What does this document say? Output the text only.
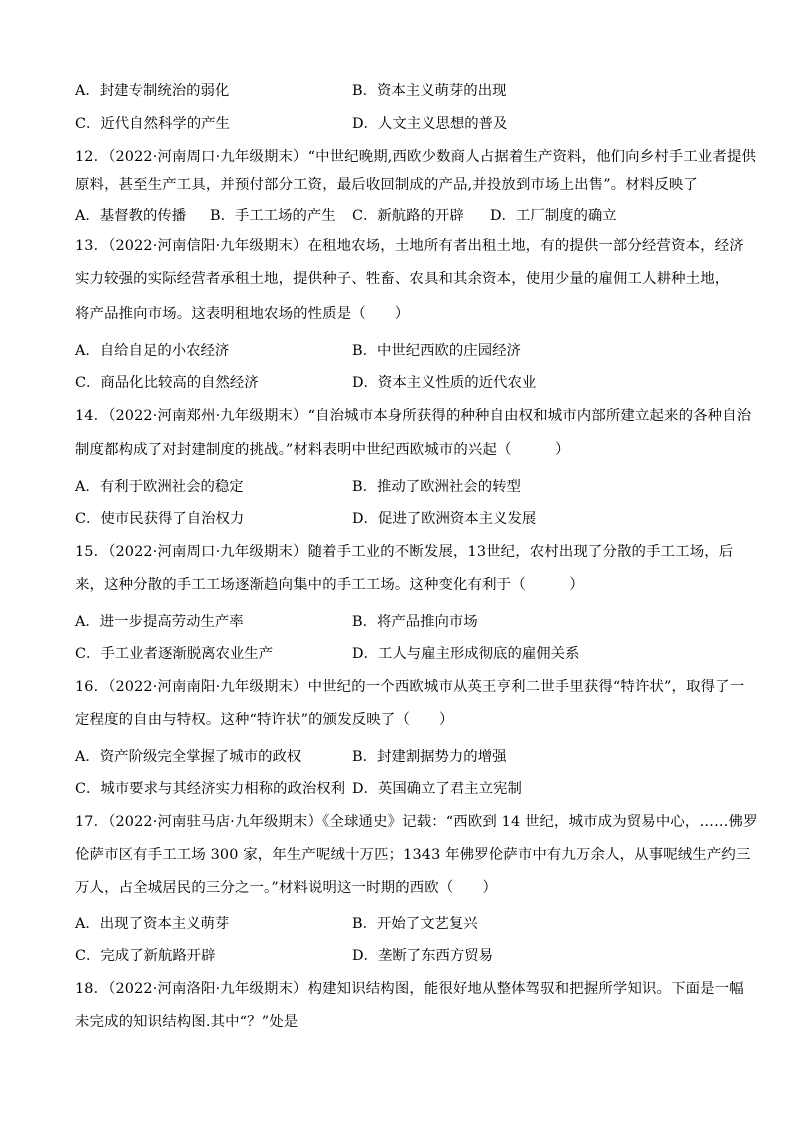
A．封建专制统治的弱化	B．资本主义萌芽的出现
C．近代自然科学的产生	D．人文主义思想的普及
12．（2022·河南周口·九年级期末）“中世纪晚期,西欧少数商人占据着生产资料，他们向乡村手工业者提供
原料，甚至生产工具，并预付部分工资，最后收回制成的产品,并投放到市场上出售”。材料反映了
A．基督教的传播 B．手工工场的产生 C．新航路的开辟 D．工厂制度的确立
13．（2022·河南信阳·九年级期末）在租地农场，土地所有者出租土地，有的提供一部分经营资本，经济
实力较强的实际经营者承租土地，提供种子、牲畜、农具和其余资本，使用少量的雇佣工人耕种土地，
将产品推向市场。这表明租地农场的性质是（　　）
A．自给自足的小农经济	B．中世纪西欧的庄园经济
C．商品化比较高的自然经济	D．资本主义性质的近代农业
14．（2022·河南郑州·九年级期末）“自治城市本身所获得的种种自由权和城市内部所建立起来的各种自治
制度都构成了对封建制度的挑战。”材料表明中世纪西欧城市的兴起（　　　）
A．有利于欧洲社会的稳定	B．推动了欧洲社会的转型
C．使市民获得了自治权力	D．促进了欧洲资本主义发展
15．（2022·河南周口·九年级期末）随着手工业的不断发展，13世纪，农村出现了分散的手工工场，后
来，这种分散的手工工场逐渐趋向集中的手工工场。这种变化有利于（　　　）
A．进一步提高劳动生产率	B．将产品推向市场
C．手工业者逐渐脱离农业生产	D．工人与雇主形成彻底的雇佣关系
16．（2022·河南南阳·九年级期末）中世纪的一个西欧城市从英王亨利二世手里获得“特许状”，取得了一
定程度的自由与特权。这种“特许状”的颁发反映了（　　）
A．资产阶级完全掌握了城市的政权	B．封建割据势力的增强
C．城市要求与其经济实力相称的政治权利 D．英国确立了君主立宪制
17．（2022·河南驻马店·九年级期末）《全球通史》记载：“西欧到 14 世纪，城市成为贸易中心，……佛罗
伦萨市区有手工工场 300 家，年生产呢绒十万匹；1343 年佛罗伦萨市中有九万余人，从事呢绒生产约三
万人，占全城居民的三分之一。”材料说明这一时期的西欧（　　）
A．出现了资本主义萌芽	B．开始了文艺复兴
C．完成了新航路开辟	D．垄断了东西方贸易
18．（2022·河南洛阳·九年级期末）构建知识结构图，能很好地从整体驾驭和把握所学知识。下面是一幅
未完成的知识结构图.其中“？”处是
